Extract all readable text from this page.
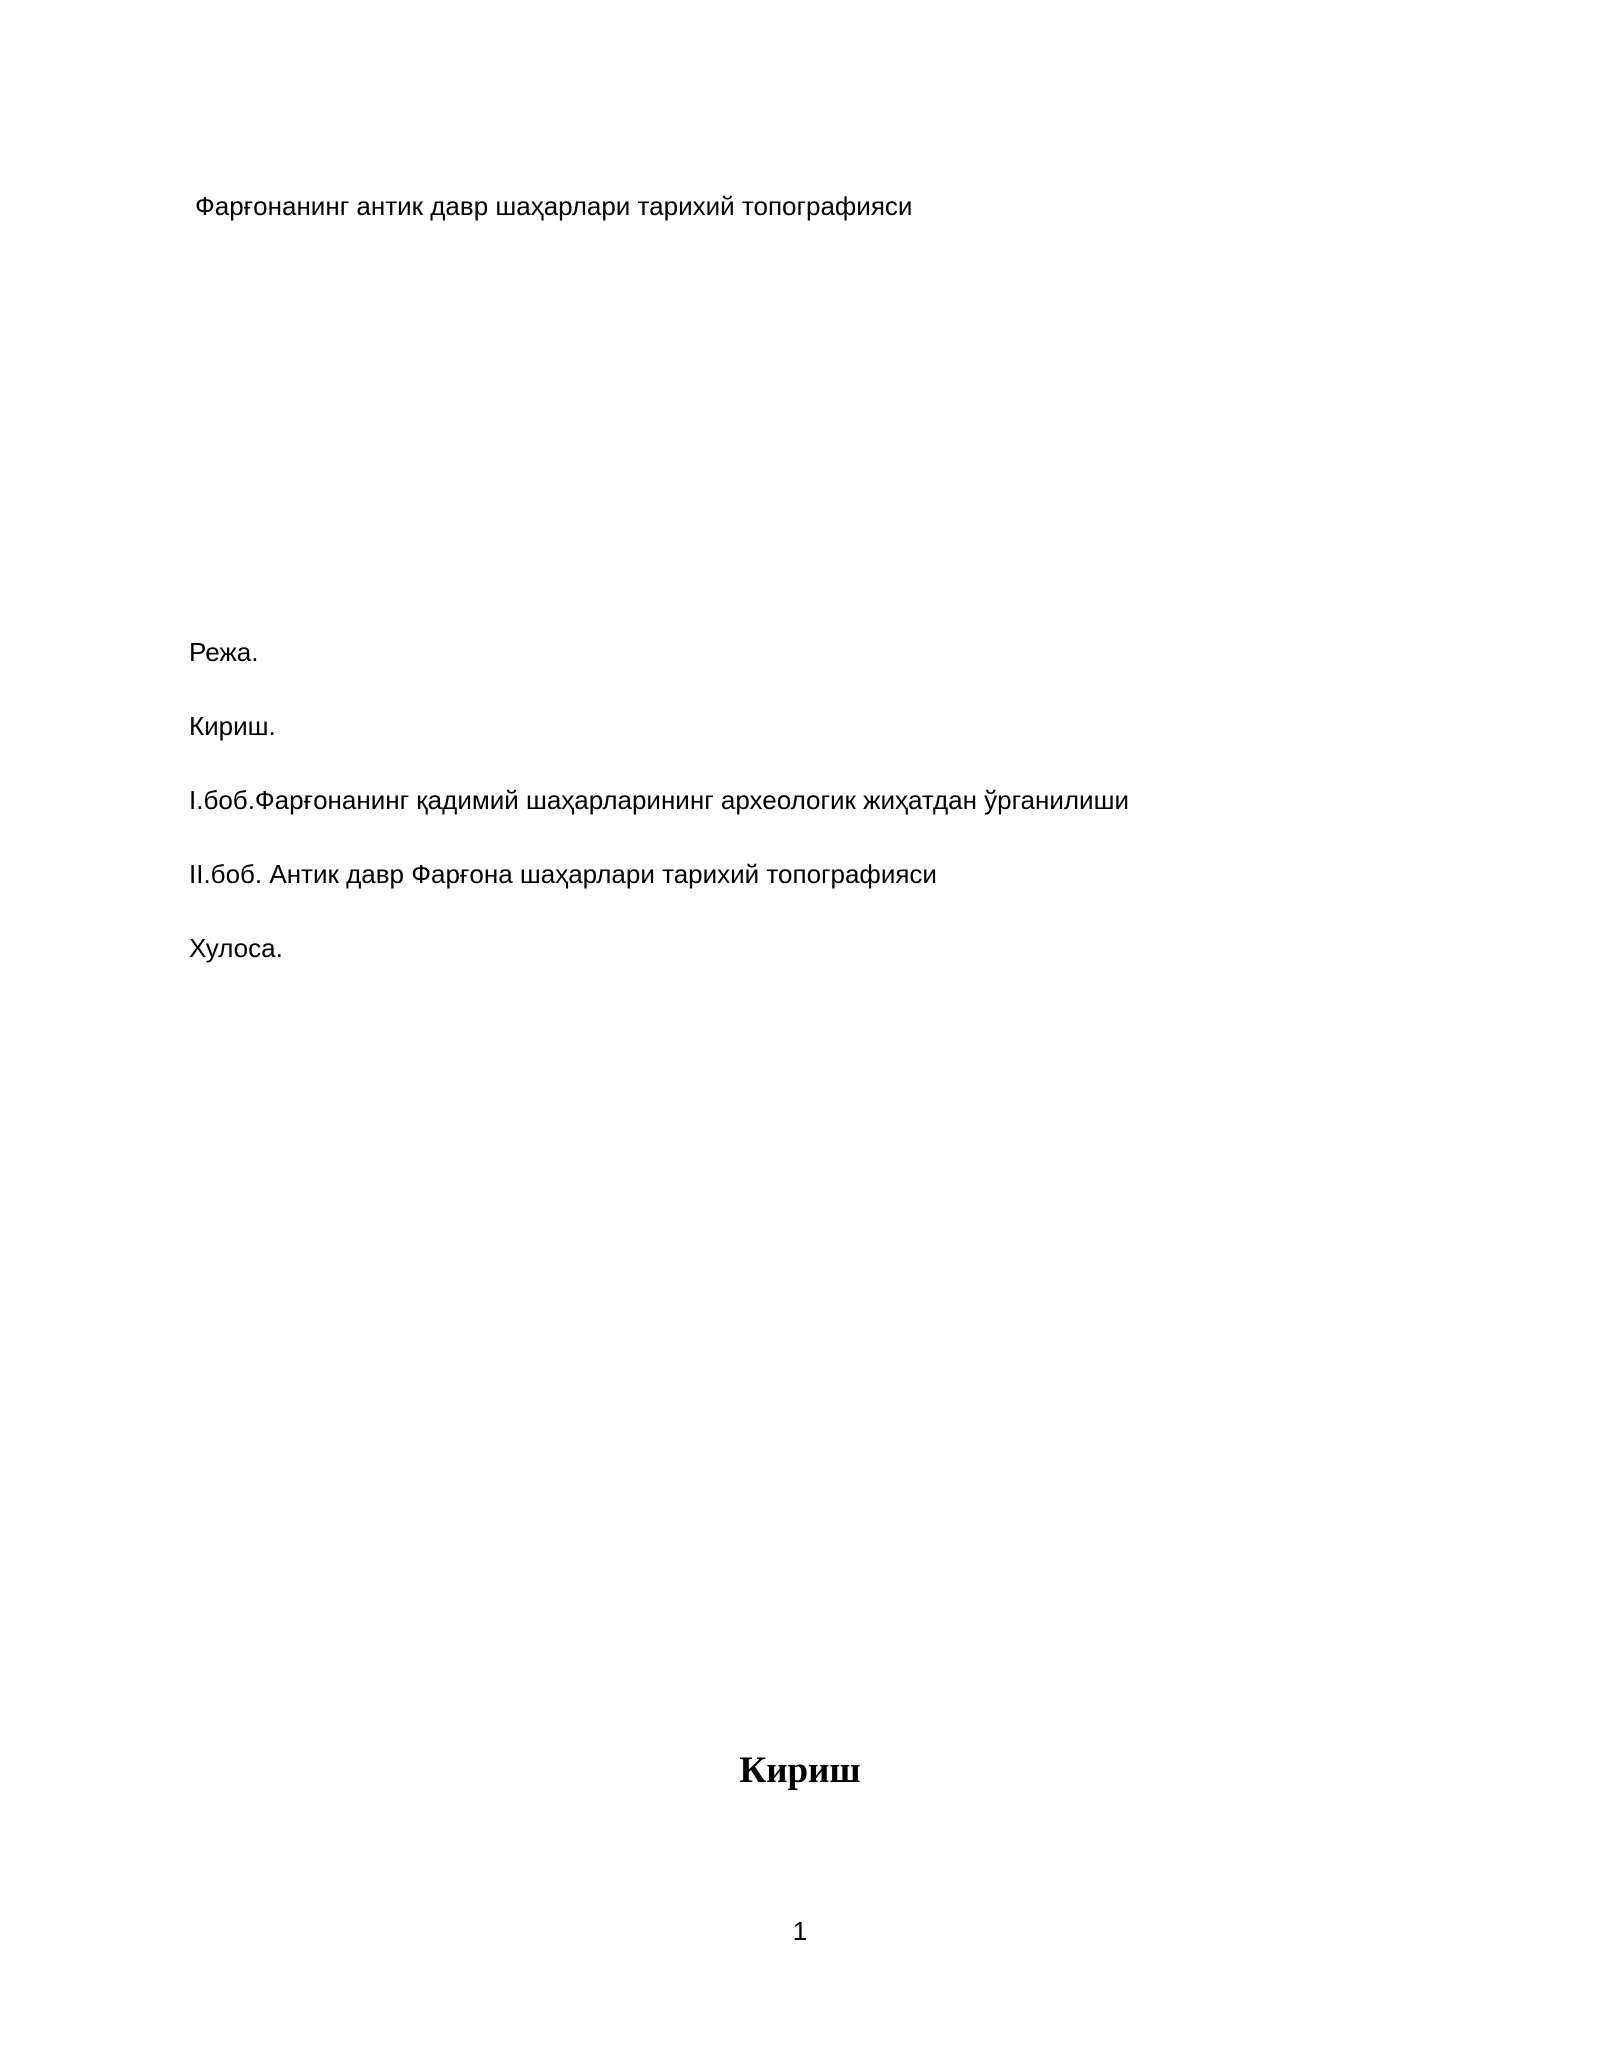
Фарғонанинг антик давр шаҳарлари тарихий топографияси
Режа.
Кириш.
I.боб.Фарғонанинг қадимий шаҳарларининг археологик жиҳатдан ўрганилиши
II.боб. Антик давр Фарғона шаҳарлари тарихий топографияси
Хулоса.
Кириш
1
